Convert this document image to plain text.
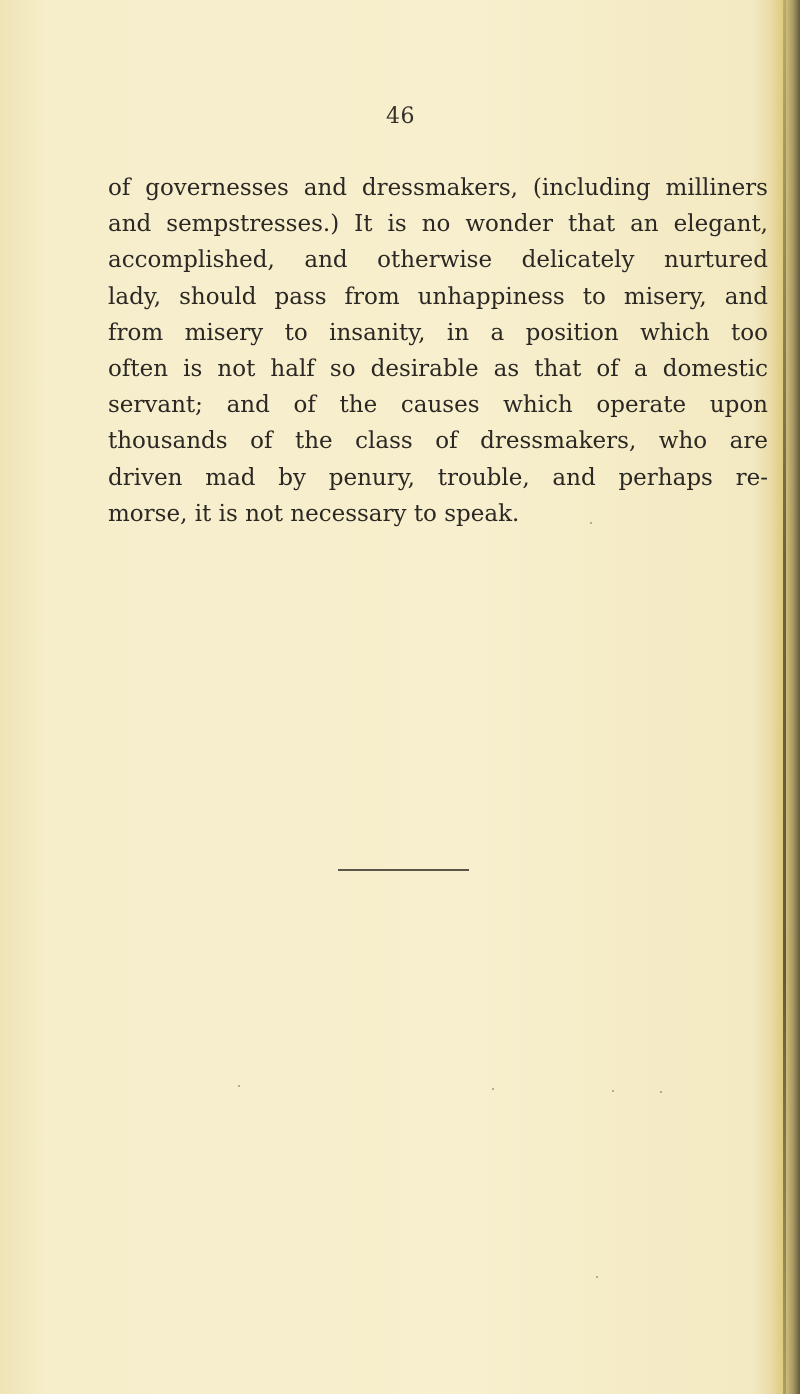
46

of governesses and dressmakers, (including milliners
and sempstresses.) It is no wonder that an elegant,
accomplished, and otherwise delicately nurtured
lady, should pass from unhappiness to misery, and
from misery to insanity, in a position which too
often is not half so desirable as that of a domestic
servant; and of the causes which operate upon
thousands of the class of dressmakers, who are
driven mad by penury, trouble, and perhaps re-
morse, it is not necessary to speak.
